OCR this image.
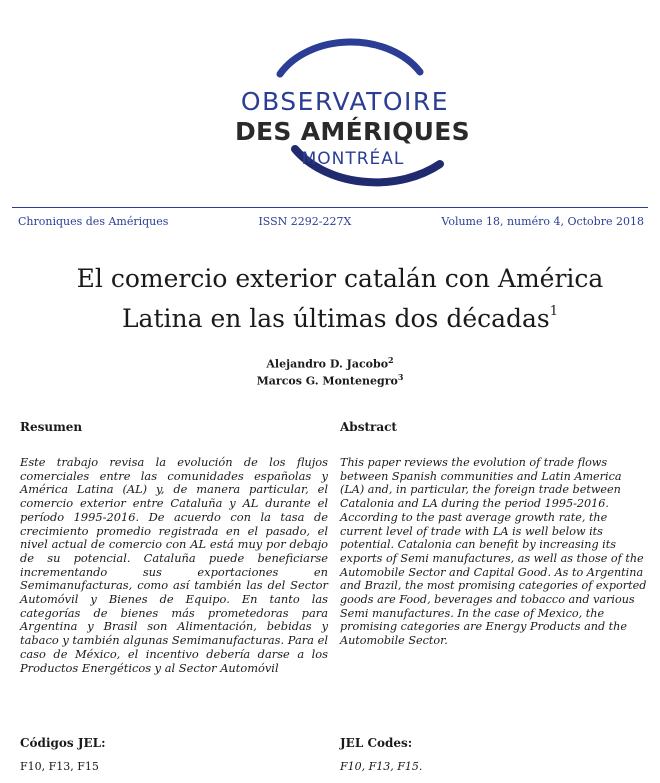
OBSERVATOIRE
DES AMÉRIQUES
MONTRÉAL
Chroniques des Amériques	ISSN 2292-227X	Volume 18, numéro 4, Octobre 2018
El comercio exterior catalán con América
Latina en las últimas dos décadas$^1$
Alejandro D. Jacobo$^2$
Marcos G. Montenegro$^3$
Resumen

Este trabajo revisa la evolución de los flujos comerciales entre las comunidades españolas y América Latina (AL) y, de manera particular, el comercio exterior entre Cataluña y AL durante el período 1995-2016. De acuerdo con la tasa de crecimiento promedio registrada en el pasado, el nivel actual de comercio con AL está muy por debajo de su potencial. Cataluña puede beneficiarse incrementando sus exportaciones en Semimanufacturas, como así también las del Sector Automóvil y Bienes de Equipo. En tanto las categorías de bienes más prometedoras para Argentina y Brasil son Alimentación, bebidas y tabaco y también algunas Semimanufacturas. Para el caso de México, el incentivo debería darse a los Productos Energéticos y al Sector Automóvil

Abstract

This paper reviews the evolution of trade flows between Spanish communities and Latin America (LA) and, in particular, the foreign trade between Catalonia and LA during the period 1995-2016. According to the past average growth rate, the current level of trade with LA is well below its potential. Catalonia can benefit by increasing its exports of Semi manufactures, as well as those of the Automobile Sector and Capital Good. As to Argentina and Brazil, the most promising categories of exported goods are Food, beverages and tobacco and various Semi manufactures. In the case of Mexico, the promising categories are Energy Products and the Automobile Sector.

Códigos JEL:
F10, F13, F15
JEL Codes:
F10, F13, F15.
